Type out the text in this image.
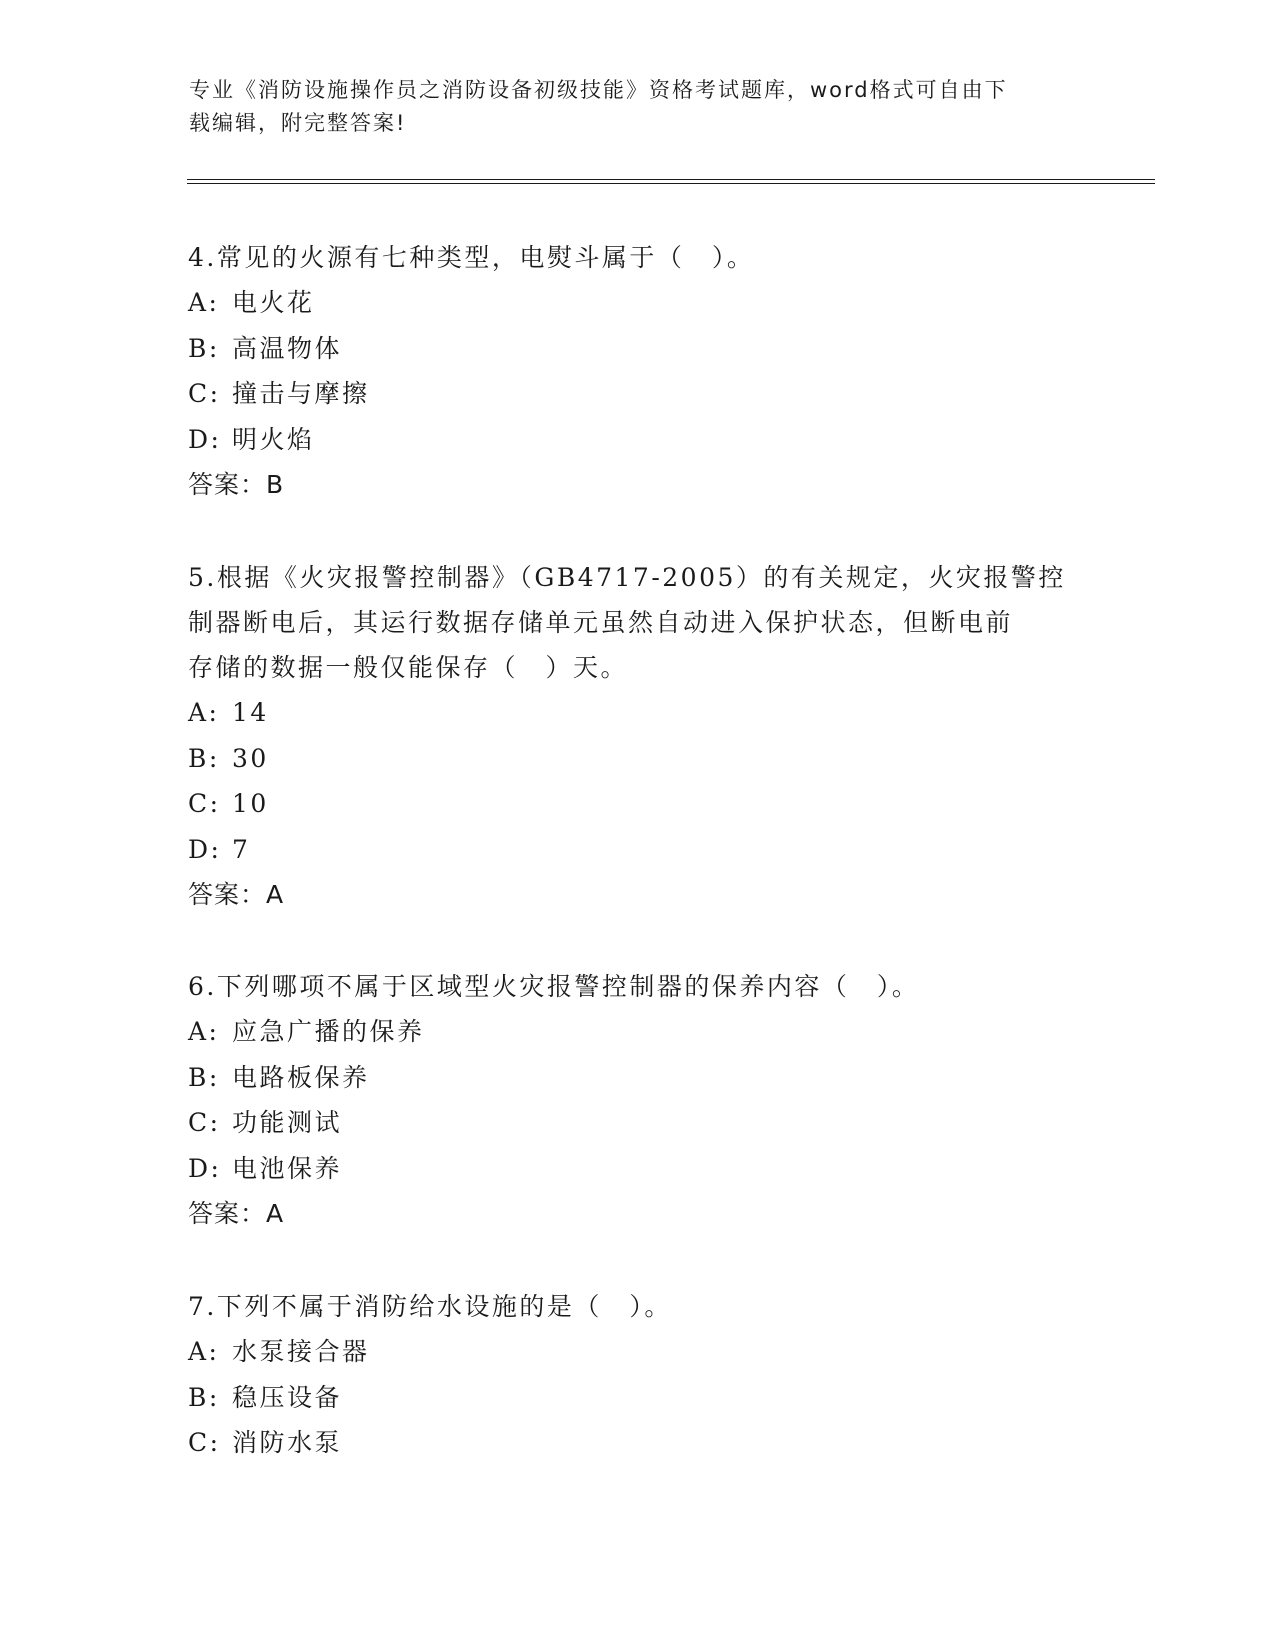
专业《消防设施操作员之消防设备初级技能》资格考试题库，word格式可自由下
载编辑，附完整答案!

4.常见的火源有七种类型，电熨斗属于（　）。

A: 电火花

B: 高温物体

C: 撞击与摩擦

D: 明火焰

答案：B

5.根据《火灾报警控制器》（GB4717-2005）的有关规定，火灾报警控

制器断电后，其运行数据存储单元虽然自动进入保护状态，但断电前

存储的数据一般仅能保存（　）天。

A: 14

B: 30

C: 10

D: 7

答案：A

6.下列哪项不属于区域型火灾报警控制器的保养内容（　）。

A: 应急广播的保养

B: 电路板保养

C: 功能测试

D: 电池保养

答案：A

7.下列不属于消防给水设施的是（　）。

A: 水泵接合器

B: 稳压设备

C: 消防水泵
